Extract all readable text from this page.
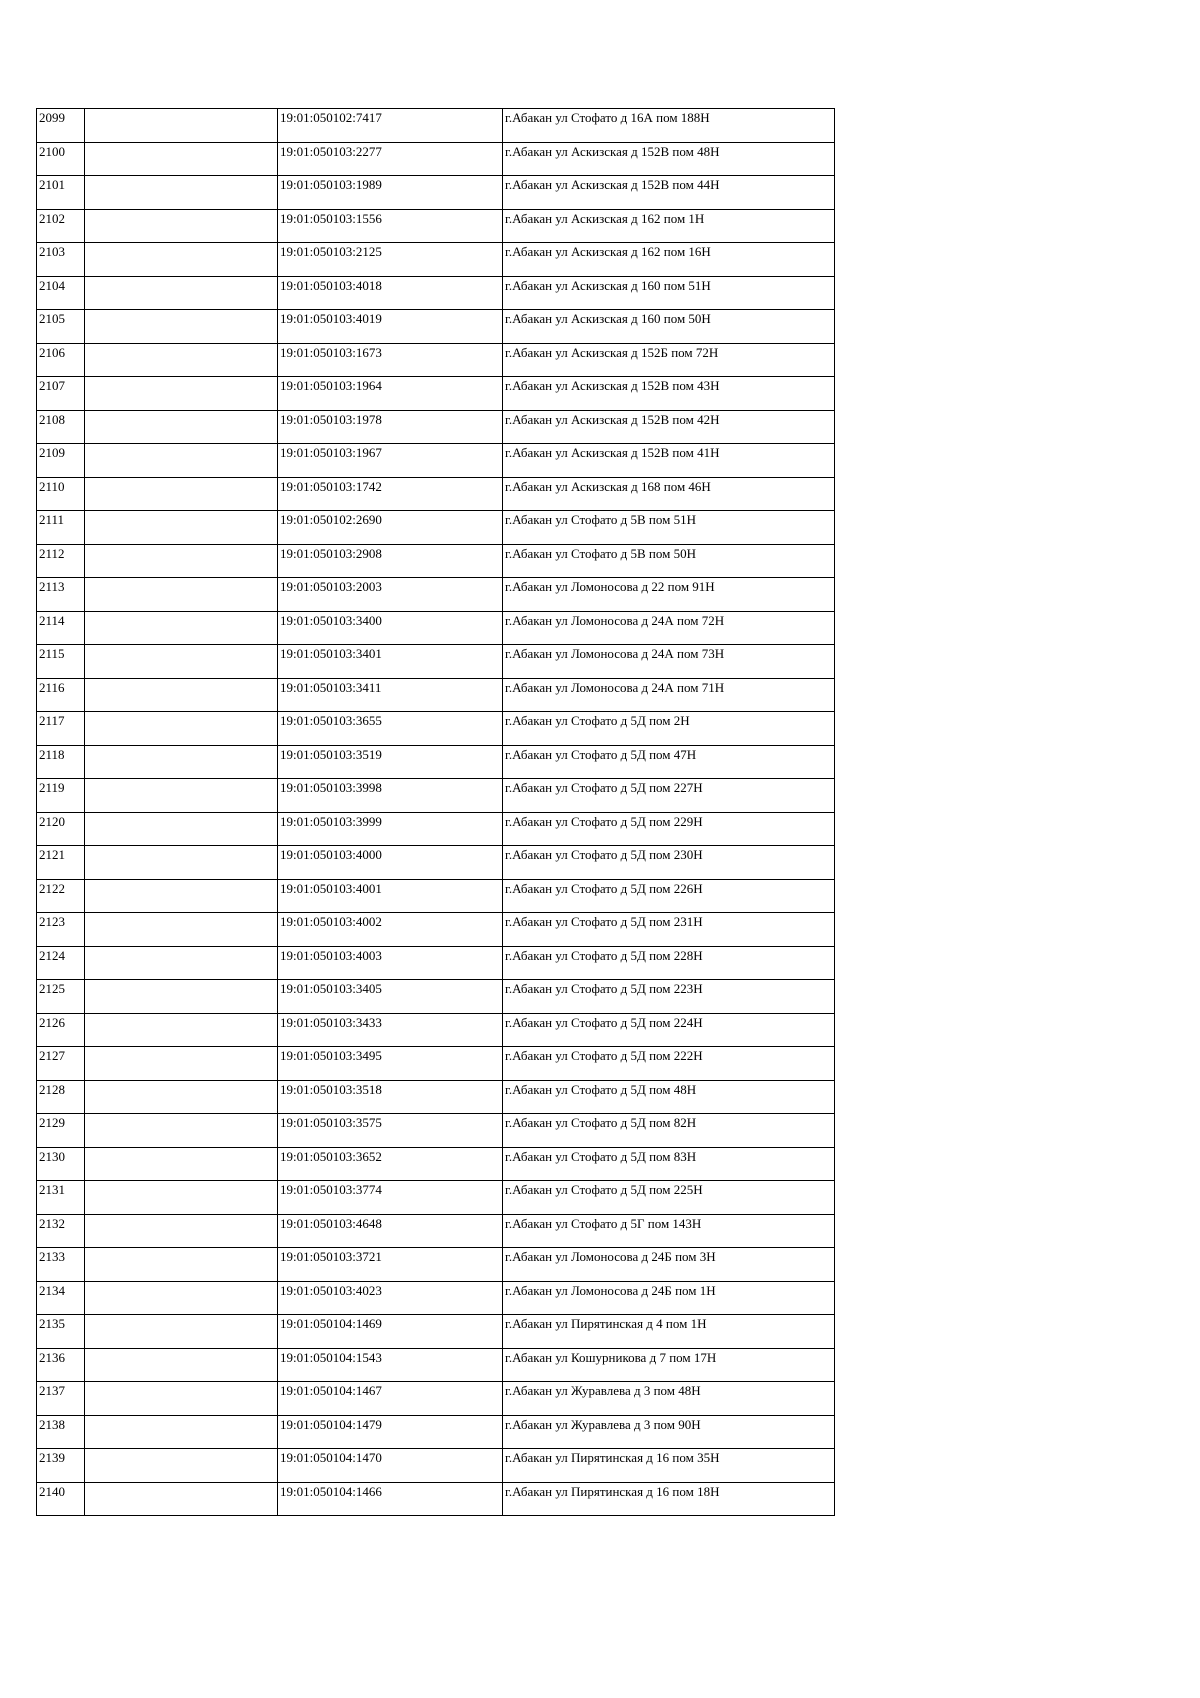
2099		19:01:050102:7417	г.Абакан ул Стофато д 16А пом 188Н
2100		19:01:050103:2277	г.Абакан ул Аскизская д 152В пом 48Н
2101		19:01:050103:1989	г.Абакан ул Аскизская д 152В пом 44Н
2102		19:01:050103:1556	г.Абакан ул Аскизская д 162 пом 1Н
2103		19:01:050103:2125	г.Абакан ул Аскизская д 162 пом 16Н
2104		19:01:050103:4018	г.Абакан ул Аскизская д 160 пом 51Н
2105		19:01:050103:4019	г.Абакан ул Аскизская д 160 пом 50Н
2106		19:01:050103:1673	г.Абакан ул Аскизская д 152Б пом 72Н
2107		19:01:050103:1964	г.Абакан ул Аскизская д 152В пом 43Н
2108		19:01:050103:1978	г.Абакан ул Аскизская д 152В пом 42Н
2109		19:01:050103:1967	г.Абакан ул Аскизская д 152В пом 41Н
2110		19:01:050103:1742	г.Абакан ул Аскизская д 168 пом 46Н
2111		19:01:050102:2690	г.Абакан ул Стофато д 5В пом 51Н
2112		19:01:050103:2908	г.Абакан ул Стофато д 5В пом 50Н
2113		19:01:050103:2003	г.Абакан ул Ломоносова д 22 пом 91Н
2114		19:01:050103:3400	г.Абакан ул Ломоносова д 24А пом 72Н
2115		19:01:050103:3401	г.Абакан ул Ломоносова д 24А пом 73Н
2116		19:01:050103:3411	г.Абакан ул Ломоносова д 24А пом 71Н
2117		19:01:050103:3655	г.Абакан ул Стофато д 5Д пом 2Н
2118		19:01:050103:3519	г.Абакан ул Стофато д 5Д пом 47Н
2119		19:01:050103:3998	г.Абакан ул Стофато д 5Д пом 227Н
2120		19:01:050103:3999	г.Абакан ул Стофато д 5Д пом 229Н
2121		19:01:050103:4000	г.Абакан ул Стофато д 5Д пом 230Н
2122		19:01:050103:4001	г.Абакан ул Стофато д 5Д пом 226Н
2123		19:01:050103:4002	г.Абакан ул Стофато д 5Д пом 231Н
2124		19:01:050103:4003	г.Абакан ул Стофато д 5Д пом 228Н
2125		19:01:050103:3405	г.Абакан ул Стофато д 5Д пом 223Н
2126		19:01:050103:3433	г.Абакан ул Стофато д 5Д пом 224Н
2127		19:01:050103:3495	г.Абакан ул Стофато д 5Д пом 222Н
2128		19:01:050103:3518	г.Абакан ул Стофато д 5Д пом 48Н
2129		19:01:050103:3575	г.Абакан ул Стофато д 5Д пом 82Н
2130		19:01:050103:3652	г.Абакан ул Стофато д 5Д пом 83Н
2131		19:01:050103:3774	г.Абакан ул Стофато д 5Д пом 225Н
2132		19:01:050103:4648	г.Абакан ул Стофато д 5Г пом 143Н
2133		19:01:050103:3721	г.Абакан ул Ломоносова д 24Б пом 3Н
2134		19:01:050103:4023	г.Абакан ул Ломоносова д 24Б пом 1Н
2135		19:01:050104:1469	г.Абакан ул Пирятинская д 4 пом 1Н
2136		19:01:050104:1543	г.Абакан ул Кошурникова д 7 пом 17Н
2137		19:01:050104:1467	г.Абакан ул Журавлева д 3 пом 48Н
2138		19:01:050104:1479	г.Абакан ул Журавлева д 3 пом 90Н
2139		19:01:050104:1470	г.Абакан ул Пирятинская д 16 пом 35Н
2140		19:01:050104:1466	г.Абакан ул Пирятинская д 16 пом 18Н
